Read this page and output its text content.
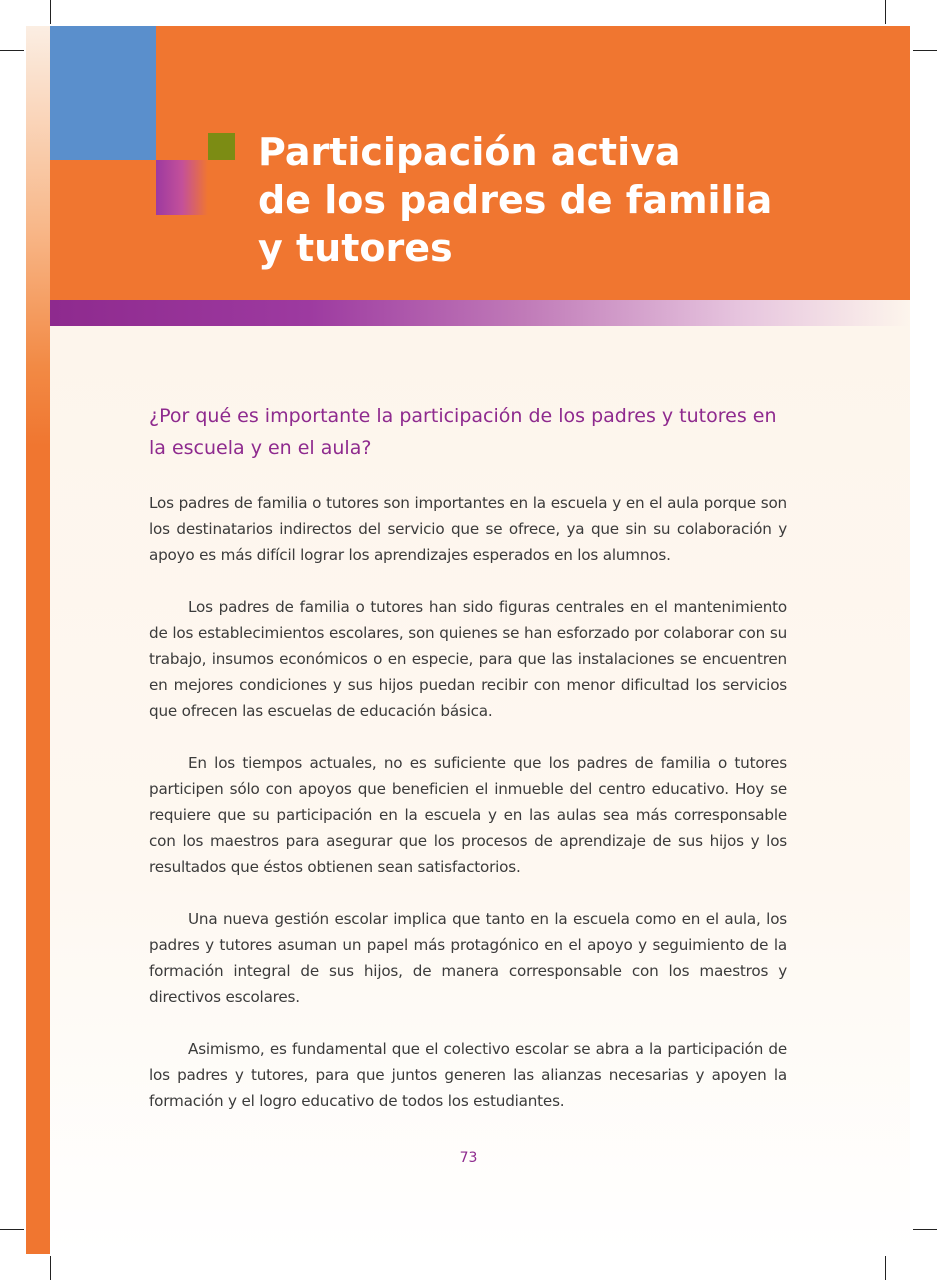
Participación activa
de los padres de familia
y tutores
¿Por qué es importante la participación de los padres y tutores en la escuela y en el aula?

Los padres de familia o tutores son importantes en la escuela y en el aula porque son los destinatarios indirectos del servicio que se ofrece, ya que sin su colaboración y apoyo es más difícil lograr los aprendizajes esperados en los alumnos.

Los padres de familia o tutores han sido figuras centrales en el mantenimiento de los establecimientos escolares, son quienes se han esforzado por colaborar con su trabajo, insumos económicos o en especie, para que las instalaciones se encuentren en mejores condiciones y sus hijos puedan recibir con menor dificultad los servicios que ofrecen las escuelas de educación básica.

En los tiempos actuales, no es suficiente que los padres de familia o tutores participen sólo con apoyos que beneficien el inmueble del centro educativo. Hoy se requiere que su participación en la escuela y en las aulas sea más corresponsable con los maestros para asegurar que los procesos de aprendizaje de sus hijos y los resultados que éstos obtienen sean satisfactorios.

Una nueva gestión escolar implica que tanto en la escuela como en el aula, los padres y tutores asuman un papel más protagónico en el apoyo y seguimiento de la formación integral de sus hijos, de manera corresponsable con los maestros y directivos escolares.

Asimismo, es fundamental que el colectivo escolar se abra a la participación de los padres y tutores, para que juntos generen las alianzas necesarias y apoyen la formación y el logro educativo de todos los estudiantes.

73
